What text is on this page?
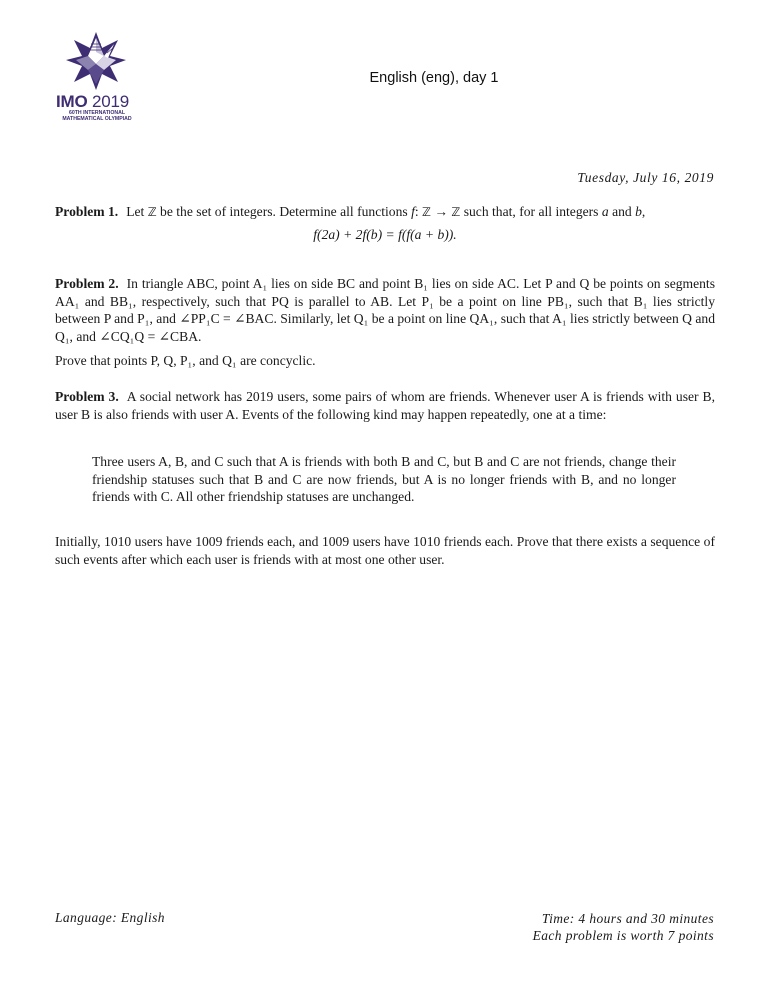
IMO 2019
60TH INTERNATIONAL
MATHEMATICAL OLYMPIAD
English (eng), day 1
Tuesday, July 16, 2019
Problem 1. Let ℤ be the set of integers. Determine all functions f: ℤ → ℤ such that, for all integers a and b,
f(2a) + 2f(b) = f(f(a + b)).
Problem 2. In triangle ABC, point A₁ lies on side BC and point B₁ lies on side AC. Let P and Q be points on segments AA₁ and BB₁, respectively, such that PQ is parallel to AB. Let P₁ be a point on line PB₁, such that B₁ lies strictly between P and P₁, and ∠PP₁C = ∠BAC. Similarly, let Q₁ be a point on line QA₁, such that A₁ lies strictly between Q and Q₁, and ∠CQ₁Q = ∠CBA.
Prove that points P, Q, P₁, and Q₁ are concyclic.
Problem 3. A social network has 2019 users, some pairs of whom are friends. Whenever user A is friends with user B, user B is also friends with user A. Events of the following kind may happen repeatedly, one at a time:
Three users A, B, and C such that A is friends with both B and C, but B and C are not friends, change their friendship statuses such that B and C are now friends, but A is no longer friends with B, and no longer friends with C. All other friendship statuses are unchanged.
Initially, 1010 users have 1009 friends each, and 1009 users have 1010 friends each. Prove that there exists a sequence of such events after which each user is friends with at most one other user.
Language: English	Time: 4 hours and 30 minutes
Each problem is worth 7 points
